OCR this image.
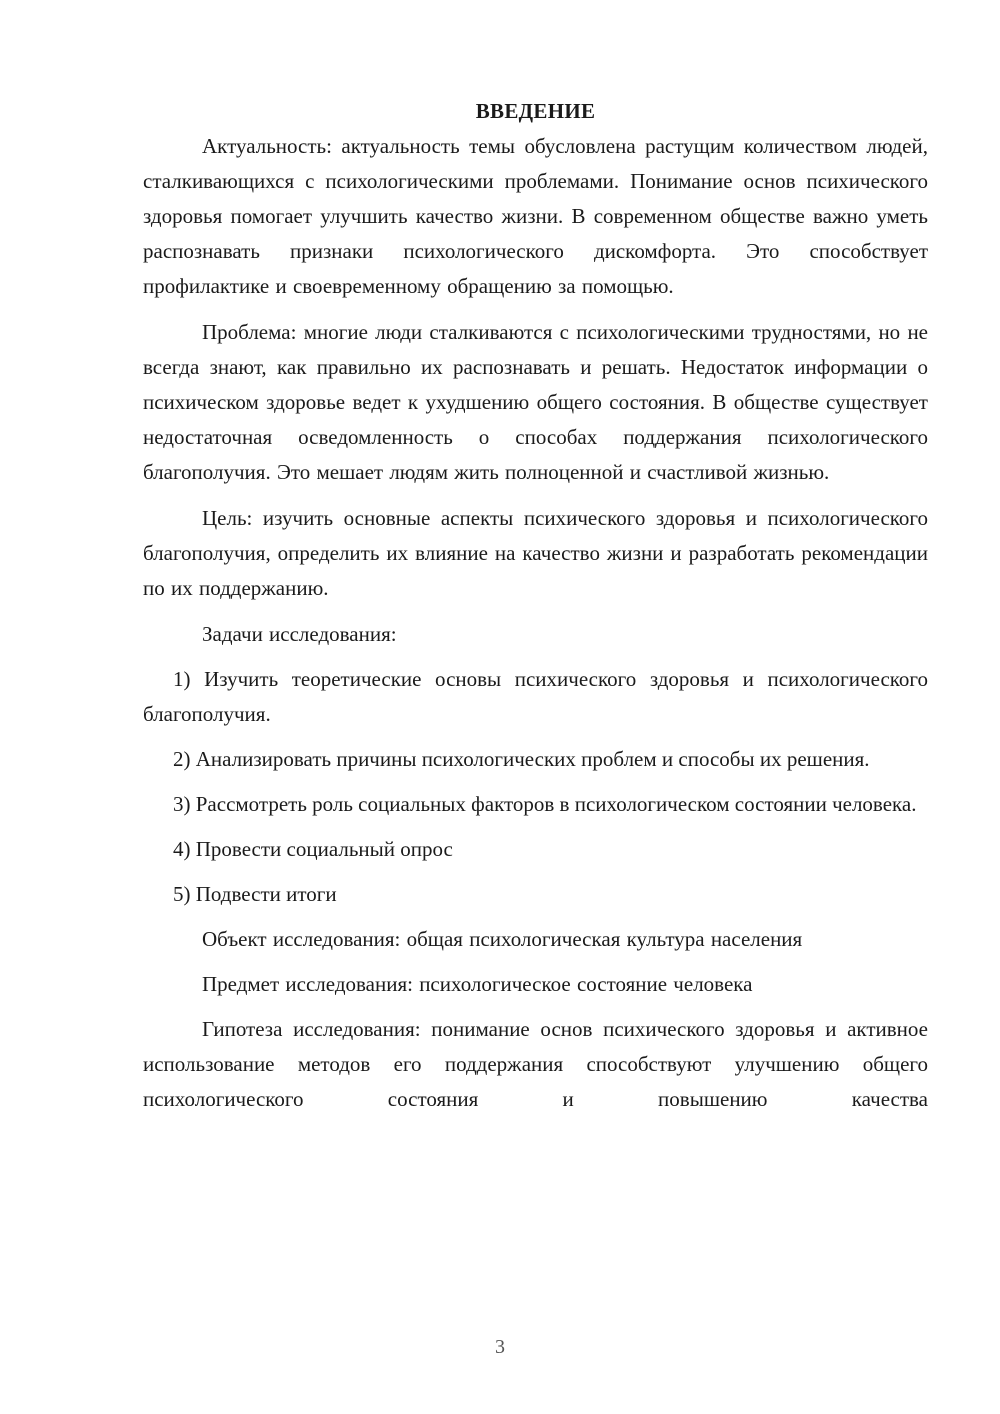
ВВЕДЕНИЕ

Актуальность: актуальность темы обусловлена растущим количеством людей, сталкивающихся с психологическими проблемами. Понимание основ психического здоровья помогает улучшить качество жизни. В современном обществе важно уметь распознавать признаки психологического дискомфорта. Это способствует профилактике и своевременному обращению за помощью.

Проблема: многие люди сталкиваются с психологическими трудностями, но не всегда знают, как правильно их распознавать и решать. Недостаток информации о психическом здоровье ведет к ухудшению общего состояния. В обществе существует недостаточная осведомленность о способах поддержания психологического благополучия. Это мешает людям жить полноценной и счастливой жизнью.

Цель: изучить основные аспекты психического здоровья и психологического благополучия, определить их влияние на качество жизни и разработать рекомендации по их поддержанию.

Задачи исследования:

1) Изучить теоретические основы психического здоровья и психологического благополучия.

2) Анализировать причины психологических проблем и способы их решения.

3) Рассмотреть роль социальных факторов в психологическом состоянии человека.

4) Провести социальный опрос

5) Подвести итоги

Объект исследования: общая психологическая культура населения

Предмет исследования: психологическое состояние человека

Гипотеза исследования: понимание основ психического здоровья и активное использование методов его поддержания способствуют улучшению общего психологического состояния и повышению качества

3
